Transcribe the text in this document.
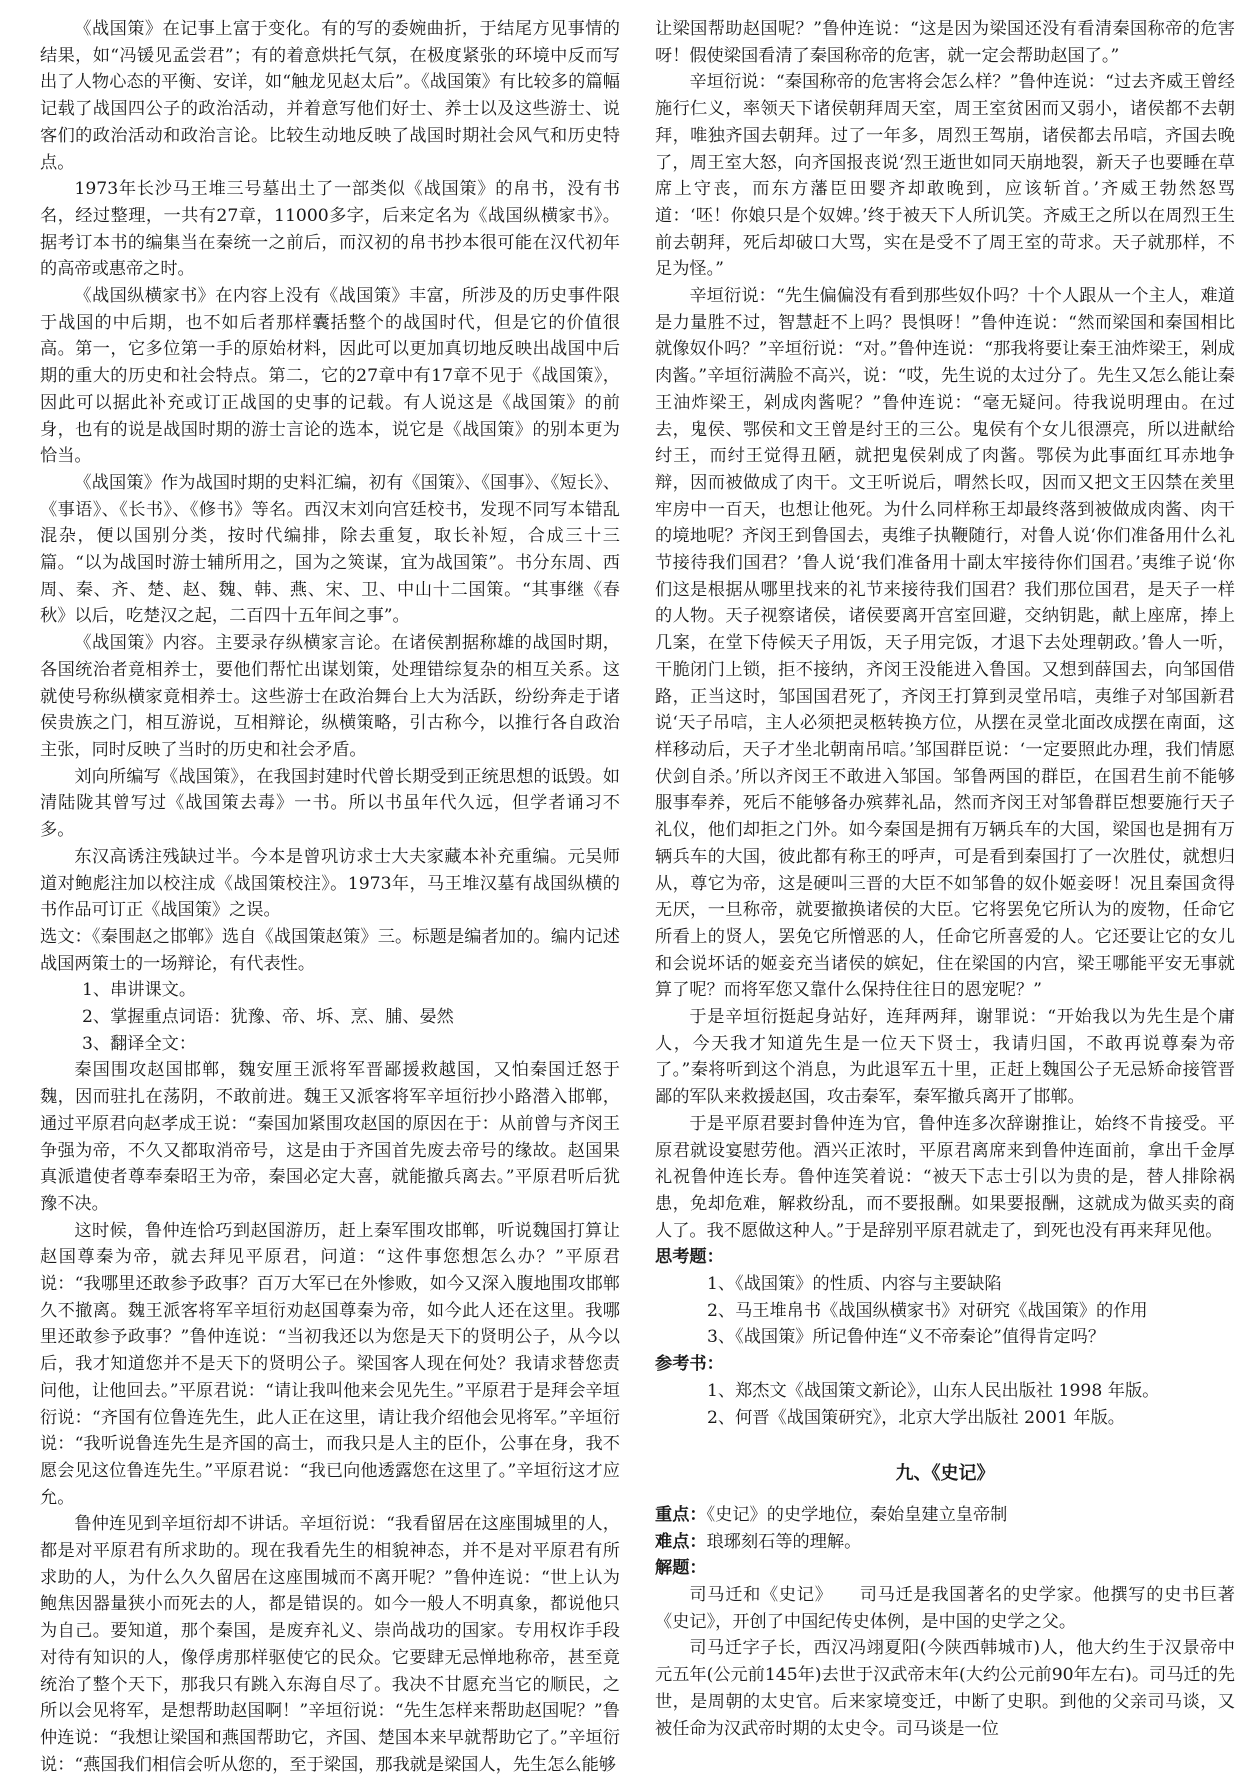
《战国策》在记事上富于变化。有的写的委婉曲折，于结尾方见事情的结果，如“冯锾见孟尝君”；有的着意烘托气氛，在极度紧张的环境中反而写出了人物心态的平衡、安详，如“触龙见赵太后”。《战国策》有比较多的篇幅记载了战国四公子的政治活动，并着意写他们好士、养士以及这些游士、说客们的政治活动和政治言论。比较生动地反映了战国时期社会风气和历史特点。

1973年长沙马王堆三号墓出土了一部类似《战国策》的帛书，没有书名，经过整理，一共有27章，11000多字，后来定名为《战国纵横家书》。据考订本书的编集当在秦统一之前后，而汉初的帛书抄本很可能在汉代初年的高帝或惠帝之时。

《战国纵横家书》在内容上没有《战国策》丰富，所涉及的历史事件限于战国的中后期，也不如后者那样囊括整个的战国时代，但是它的价值很高。第一，它多位第一手的原始材料，因此可以更加真切地反映出战国中后期的重大的历史和社会特点。第二，它的27章中有17章不见于《战国策》，因此可以据此补充或订正战国的史事的记载。有人说这是《战国策》的前身，也有的说是战国时期的游士言论的选本，说它是《战国策》的别本更为恰当。

《战国策》作为战国时期的史料汇编，初有《国策》、《国事》、《短长》、《事语》、《长书》、《修书》等名。西汉末刘向宫廷校书，发现不同写本错乱混杂，便以国别分类，按时代编排，除去重复，取长补短，合成三十三篇。“以为战国时游士辅所用之，国为之筴谋，宜为战国策”。书分东周、西周、秦、齐、楚、赵、魏、韩、燕、宋、卫、中山十二国策。“其事继《春秋》以后，吃楚汉之起，二百四十五年间之事”。

《战国策》内容。主要录存纵横家言论。在诸侯割据称雄的战国时期，各国统治者竟相养士，要他们帮忙出谋划策，处理错综复杂的相互关系。这就使号称纵横家竟相养士。这些游士在政治舞台上大为活跃，纷纷奔走于诸侯贵族之门，相互游说，互相辩论，纵横策略，引古称今，以推行各自政治主张，同时反映了当时的历史和社会矛盾。

刘向所编写《战国策》，在我国封建时代曾长期受到正统思想的诋毁。如清陆陇其曾写过《战国策去毒》一书。所以书虽年代久远，但学者诵习不多。

东汉高诱注残缺过半。今本是曾巩访求士大夫家藏本补充重编。元吴师道对鲍彪注加以校注成《战国策校注》。1973年，马王堆汉墓有战国纵横的书作品可订正《战国策》之误。

选文：《秦围赵之邯郸》选自《战国策赵策》三。标题是编者加的。编内记述战国两策士的一场辩论，有代表性。

1、串讲课文。

2、掌握重点词语：犹豫、帝、坼、烹、脯、晏然

3、翻译全文：

秦国围攻赵国邯郸，魏安厘王派将军晋鄙援救越国，又怕秦国迁怒于魏，因而驻扎在荡阴，不敢前进。魏王又派客将军辛垣衍抄小路潜入邯郸，通过平原君向赵孝成王说：“秦国加紧围攻赵国的原因在于：从前曾与齐闵王争强为帝，不久又都取消帝号，这是由于齐国首先废去帝号的缘故。赵国果真派遣使者尊奉秦昭王为帝，秦国必定大喜，就能撤兵离去。”平原君听后犹豫不决。

这时候，鲁仲连恰巧到赵国游历，赶上秦军围攻邯郸，听说魏国打算让赵国尊秦为帝，就去拜见平原君，问道：“这件事您想怎么办？”平原君说：“我哪里还敢参予政事？百万大军已在外惨败，如今又深入腹地围攻邯郸久不撤离。魏王派客将军辛垣衍劝赵国尊秦为帝，如今此人还在这里。我哪里还敢参予政事？”鲁仲连说：“当初我还以为您是天下的贤明公子，从今以后，我才知道您并不是天下的贤明公子。梁国客人现在何处？我请求替您责问他，让他回去。”平原君说：“请让我叫他来会见先生。”平原君于是拜会辛垣衍说：“齐国有位鲁连先生，此人正在这里，请让我介绍他会见将军。”辛垣衍说：“我听说鲁连先生是齐国的高士，而我只是人主的臣仆，公事在身，我不愿会见这位鲁连先生。”平原君说：“我已向他透露您在这里了。”辛垣衍这才应允。

鲁仲连见到辛垣衍却不讲话。辛垣衍说：“我看留居在这座围城里的人，都是对平原君有所求助的。现在我看先生的相貌神态，并不是对平原君有所求助的人，为什么久久留居在这座围城而不离开呢？”鲁仲连说：“世上认为鲍焦因器量狭小而死去的人，都是错误的。如今一般人不明真象，都说他只为自己。要知道，那个秦国，是废弃礼义、崇尚战功的国家。专用权诈手段对待有知识的人，像俘虏那样驱使它的民众。它要肆无忌惮地称帝，甚至竟统治了整个天下，那我只有跳入东海自尽了。我决不甘愿充当它的顺民，之所以会见将军，是想帮助赵国啊！”辛垣衍说：“先生怎样来帮助赵国呢？”鲁仲连说：“我想让梁国和燕国帮助它，齐国、楚国本来早就帮助它了。”辛垣衍说：“燕国我们相信会听从您的，至于梁国，那我就是梁国人，先生怎么能够

让梁国帮助赵国呢？”鲁仲连说：“这是因为梁国还没有看清秦国称帝的危害呀！假使梁国看清了秦国称帝的危害，就一定会帮助赵国了。”

辛垣衍说：“秦国称帝的危害将会怎么样？”鲁仲连说：“过去齐威王曾经施行仁义，率领天下诸侯朝拜周天室，周王室贫困而又弱小，诸侯都不去朝拜，唯独齐国去朝拜。过了一年多，周烈王驾崩，诸侯都去吊唁，齐国去晚了，周王室大怒，向齐国报丧说‘烈王逝世如同天崩地裂，新天子也要睡在草席上守丧，而东方藩臣田婴齐却敢晚到，应该斩首。’齐威王勃然怒骂道：‘呸！你娘只是个奴婢。’终于被天下人所讥笑。齐威王之所以在周烈王生前去朝拜，死后却破口大骂，实在是受不了周王室的苛求。天子就那样，不足为怪。”

辛垣衍说：“先生偏偏没有看到那些奴仆吗？十个人跟从一个主人，难道是力量胜不过，智慧赶不上吗？畏惧呀！”鲁仲连说：“然而梁国和秦国相比就像奴仆吗？”辛垣衍说：“对。”鲁仲连说：“那我将要让秦王油炸梁王，剁成肉酱。”辛垣衍满脸不高兴，说：“哎，先生说的太过分了。先生又怎么能让秦王油炸梁王，剁成肉酱呢？”鲁仲连说：“毫无疑问。待我说明理由。在过去，鬼侯、鄂侯和文王曾是纣王的三公。鬼侯有个女儿很漂亮，所以进献给纣王，而纣王觉得丑陋，就把鬼侯剁成了肉酱。鄂侯为此事面红耳赤地争辩，因而被做成了肉干。文王听说后，喟然长叹，因而又把文王囚禁在羑里牢房中一百天，也想让他死。为什么同样称王却最终落到被做成肉酱、肉干的境地呢？齐闵王到鲁国去，夷维子执鞭随行，对鲁人说‘你们准备用什么礼节接待我们国君？’鲁人说‘我们准备用十副太牢接待你们国君。’夷维子说‘你们这是根据从哪里找来的礼节来接待我们国君？我们那位国君，是天子一样的人物。天子视察诸侯，诸侯要离开宫室回避，交纳钥匙，献上座席，捧上几案，在堂下侍候天子用饭，天子用完饭，才退下去处理朝政。’鲁人一听，干脆闭门上锁，拒不接纳，齐闵王没能进入鲁国。又想到薛国去，向邹国借路，正当这时，邹国国君死了，齐闵王打算到灵堂吊唁，夷维子对邹国新君说‘天子吊唁，主人必须把灵柩转换方位，从摆在灵堂北面改成摆在南面，这样移动后，天子才坐北朝南吊唁。’邹国群臣说：‘一定要照此办理，我们情愿伏剑自杀。’所以齐闵王不敢进入邹国。邹鲁两国的群臣，在国君生前不能够服事奉养，死后不能够备办殡葬礼品，然而齐闵王对邹鲁群臣想要施行天子礼仪，他们却拒之门外。如今秦国是拥有万辆兵车的大国，梁国也是拥有万辆兵车的大国，彼此都有称王的呼声，可是看到秦国打了一次胜仗，就想归从，尊它为帝，这是硬叫三晋的大臣不如邹鲁的奴仆姬妾呀！况且秦国贪得无厌，一旦称帝，就要撤换诸侯的大臣。它将罢免它所认为的废物，任命它所看上的贤人，罢免它所憎恶的人，任命它所喜爱的人。它还要让它的女儿和会说坏话的姬妾充当诸侯的嫔妃，住在梁国的内宫，梁王哪能平安无事就算了呢？而将军您又靠什么保持住往日的恩宠呢？”

于是辛垣衍挺起身站好，连拜两拜，谢罪说：“开始我以为先生是个庸人，今天我才知道先生是一位天下贤士，我请归国，不敢再说尊秦为帝了。”秦将听到这个消息，为此退军五十里，正赶上魏国公子无忌矫命接管晋鄙的军队来救援赵国，攻击秦军，秦军撤兵离开了邯郸。

于是平原君要封鲁仲连为官，鲁仲连多次辞谢推让，始终不肯接受。平原君就设宴慰劳他。酒兴正浓时，平原君离席来到鲁仲连面前，拿出千金厚礼祝鲁仲连长寿。鲁仲连笑着说：“被天下志士引以为贵的是，替人排除祸患，免却危难，解救纷乱，而不要报酬。如果要报酬，这就成为做买卖的商人了。我不愿做这种人。”于是辞别平原君就走了，到死也没有再来拜见他。

思考题：

1、《战国策》的性质、内容与主要缺陷

2、马王堆帛书《战国纵横家书》对研究《战国策》的作用

3、《战国策》所记鲁仲连“义不帝秦论”值得肯定吗？

参考书：

1、郑杰文《战国策文新论》，山东人民出版社 1998 年版。

2、何晋《战国策研究》，北京大学出版社 2001 年版。

九、《史记》

重点：《史记》的史学地位，秦始皇建立皇帝制

难点：琅琊刻石等的理解。

解题：

司马迁和《史记》　　司马迁是我国著名的史学家。他撰写的史书巨著《史记》，开创了中国纪传史体例，是中国的史学之父。

司马迁字子长，西汉冯翊夏阳(今陕西韩城市)人，他大约生于汉景帝中元五年(公元前145年)去世于汉武帝末年(大约公元前90年左右)。司马迁的先世，是周朝的太史官。后来家境变迁，中断了史职。到他的父亲司马谈，又被任命为汉武帝时期的太史令。司马谈是一位
